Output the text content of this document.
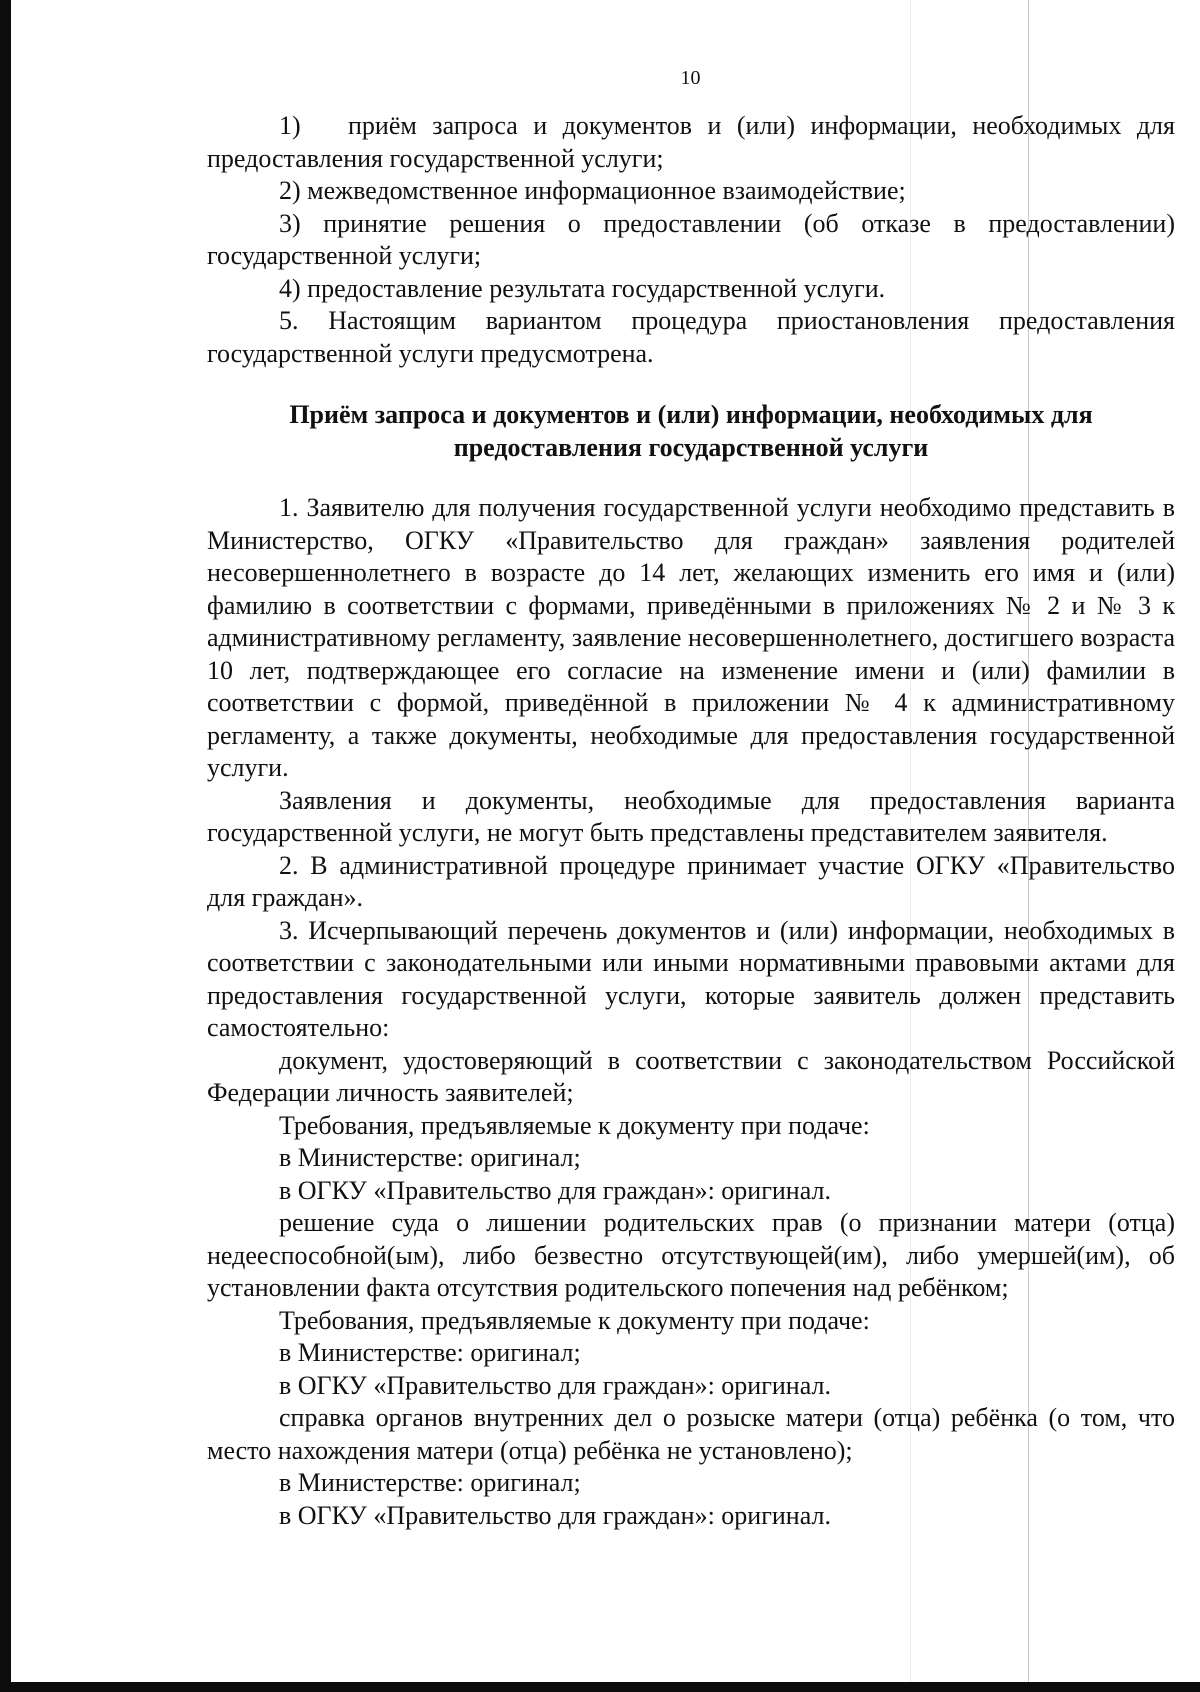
10
1) приём запроса и документов и (или) информации, необходимых для предоставления государственной услуги;

2) межведомственное информационное взаимодействие;

3) принятие решения о предоставлении (об отказе в предоставлении) государственной услуги;

4) предоставление результата государственной услуги.

5. Настоящим вариантом процедура приостановления предоставления государственной услуги предусмотрена.

Приём запроса и документов и (или) информации, необходимых для
предоставления государственной услуги

1. Заявителю для получения государственной услуги необходимо представить в Министерство, ОГКУ «Правительство для граждан» заявления родителей несовершеннолетнего в возрасте до 14 лет, желающих изменить его имя и (или) фамилию в соответствии с формами, приведёнными в приложениях № 2 и № 3 к административному регламенту, заявление несовершеннолетнего, достигшего возраста 10 лет, подтверждающее его согласие на изменение имени и (или) фамилии в соответствии с формой, приведённой в приложении № 4 к административному регламенту, а также документы, необходимые для предоставления государственной услуги.

Заявления и документы, необходимые для предоставления варианта государственной услуги, не могут быть представлены представителем заявителя.

2. В административной процедуре принимает участие ОГКУ «Правительство для граждан».

3. Исчерпывающий перечень документов и (или) информации, необходимых в соответствии с законодательными или иными нормативными правовыми актами для предоставления государственной услуги, которые заявитель должен представить самостоятельно:

документ, удостоверяющий в соответствии с законодательством Российской Федерации личность заявителей;

Требования, предъявляемые к документу при подаче:

в Министерстве: оригинал;

в ОГКУ «Правительство для граждан»: оригинал.

решение суда о лишении родительских прав (о признании матери (отца) недееспособной(ым), либо безвестно отсутствующей(им), либо умершей(им), об установлении факта отсутствия родительского попечения над ребёнком;

Требования, предъявляемые к документу при подаче:

в Министерстве: оригинал;

в ОГКУ «Правительство для граждан»: оригинал.

справка органов внутренних дел о розыске матери (отца) ребёнка (о том, что место нахождения матери (отца) ребёнка не установлено);

в Министерстве: оригинал;

в ОГКУ «Правительство для граждан»: оригинал.
